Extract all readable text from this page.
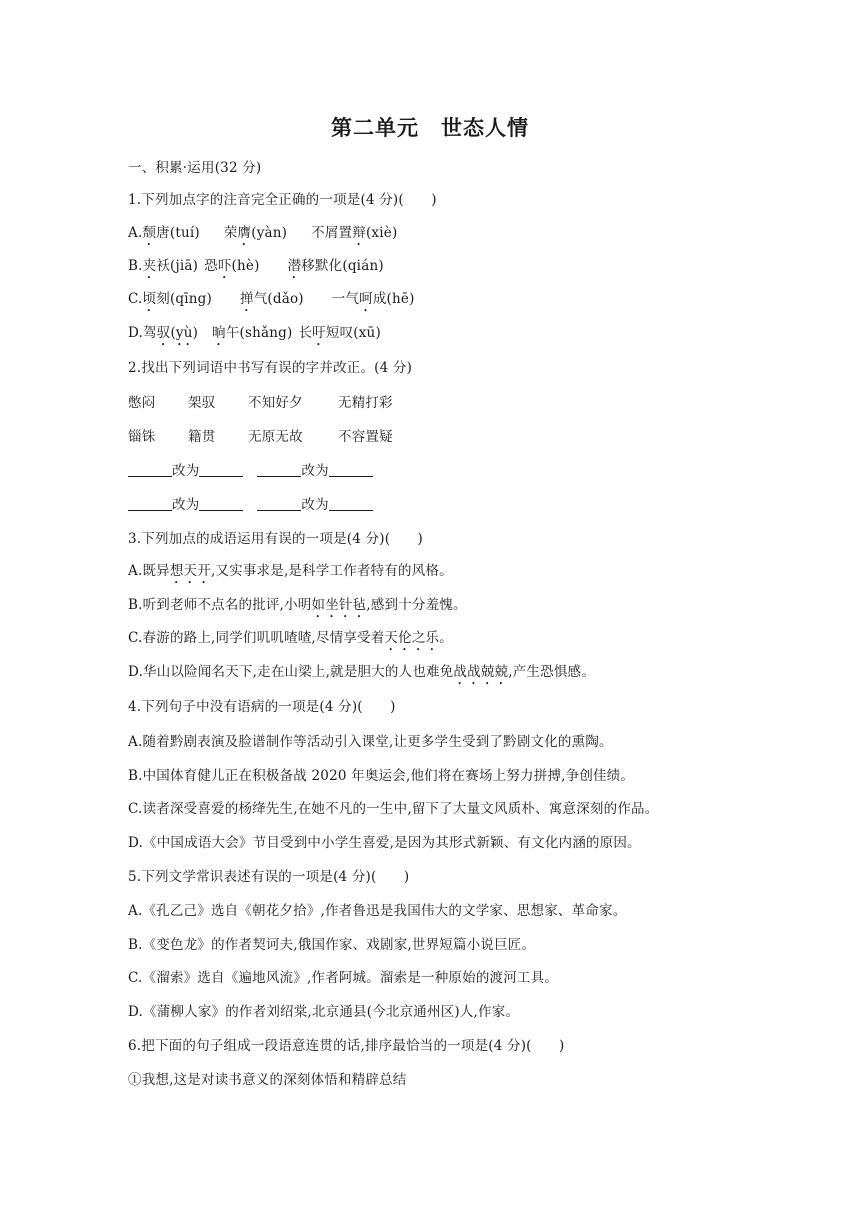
第二单元　世态人情
一、积累·运用(32 分)
1.下列加点字的注音完全正确的一项是(4 分)(　　)
A.颓唐(tuí) 荣膺(yàn) 不屑置辩(xiè)
B.夹袄(jiā) 恐吓(hè) 潜移默化(qián)
C.顷刻(qīng) 掸气(dǎo) 一气呵成(hē)
D.驾驭(yù) 晌午(shǎng) 长吁短叹(xū)
2.找出下列词语中书写有误的字并改正。(4 分)
憋闷 架驭 不知好夕	无精打彩
锱铢 籍贯 无原无故	不容置疑
改为	改为
改为	改为
3.下列加点的成语运用有误的一项是(4 分)(　　)
A.既异想天开,又实事求是,是科学工作者特有的风格。
B.听到老师不点名的批评,小明如坐针毡,感到十分羞愧。
C.春游的路上,同学们叽叽喳喳,尽情享受着天伦之乐。
D.华山以险闻名天下,走在山梁上,就是胆大的人也难免战战兢兢,产生恐惧感。
4.下列句子中没有语病的一项是(4 分)(　　)
A.随着黔剧表演及脸谱制作等活动引入课堂,让更多学生受到了黔剧文化的熏陶。
B.中国体育健儿正在积极备战 2020 年奥运会,他们将在赛场上努力拼搏,争创佳绩。
C.读者深受喜爱的杨绛先生,在她不凡的一生中,留下了大量文风质朴、寓意深刻的作品。
D.《中国成语大会》节目受到中小学生喜爱,是因为其形式新颖、有文化内涵的原因。
5.下列文学常识表述有误的一项是(4 分)(　　)
A.《孔乙己》选自《朝花夕拾》,作者鲁迅是我国伟大的文学家、思想家、革命家。
B.《变色龙》的作者契诃夫,俄国作家、戏剧家,世界短篇小说巨匠。
C.《溜索》选自《遍地风流》,作者阿城。溜索是一种原始的渡河工具。
D.《蒲柳人家》的作者刘绍棠,北京通县(今北京通州区)人,作家。
6.把下面的句子组成一段语意连贯的话,排序最恰当的一项是(4 分)(　　)
①我想,这是对读书意义的深刻体悟和精辟总结
